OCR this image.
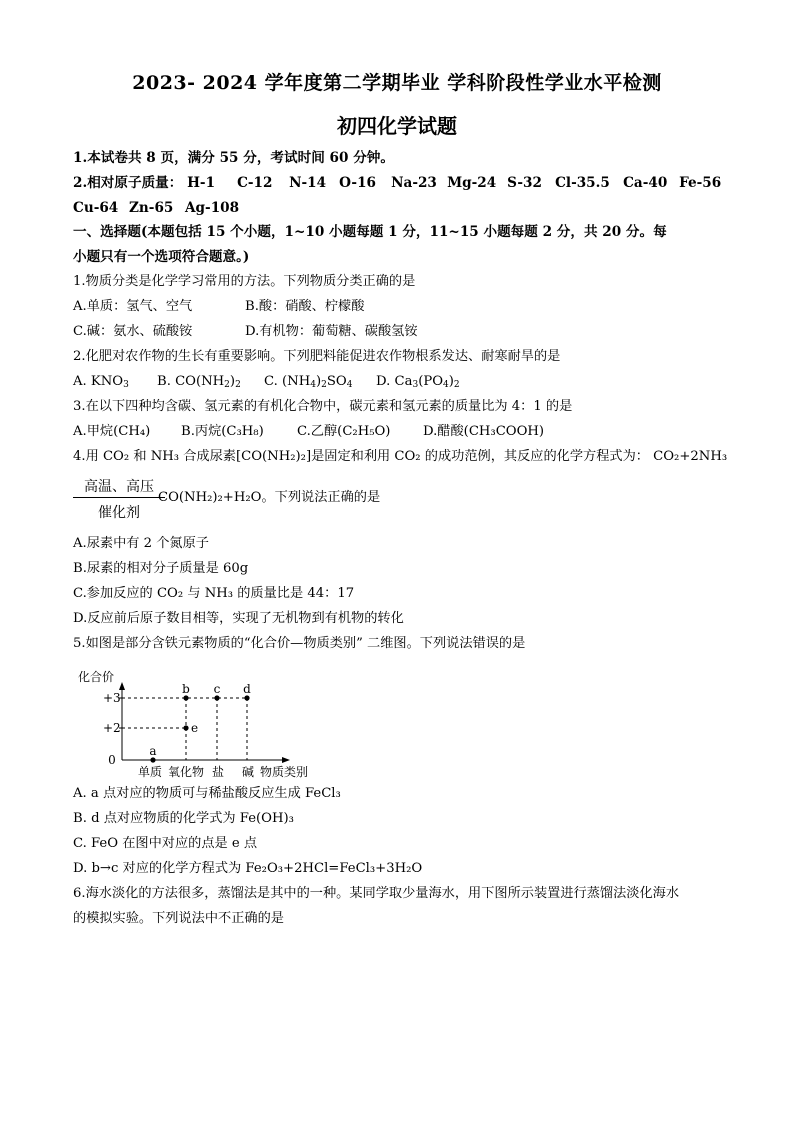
2023- 2024 学年度第二学期毕业 学科阶段性学业水平检测
初四化学试题
1.本试卷共 8 页，满分 55 分，考试时间 60 分钟。
2.相对原子质量： H-1 C-12 N-14 O-16 Na-23 Mg-24 S-32 Cl-35.5 Ca-40 Fe-56
Cu-64 Zn-65 Ag-108
一、选择题(本题包括 15 个小题，1~10 小题每题 1 分，11~15 小题每题 2 分，共 20 分。每
小题只有一个选项符合题意。)
1.物质分类是化学学习常用的方法。下列物质分类正确的是
A.单质：氢气、空气	B.酸：硝酸、柠檬酸
C.碱：氨水、硫酸铵	D.有机物：葡萄糖、碳酸氢铵
2.化肥对农作物的生长有重要影响。下列肥料能促进农作物根系发达、耐寒耐旱的是
A. $KNO_3$ B. $CO(NH_2)_2$ C. $(NH_4)_2SO_4$ D. $Ca_3(PO_4)_2$
3.在以下四种均含碳、氢元素的有机化合物中，碳元素和氢元素的质量比为 4：1 的是
A.甲烷(CH₄) B.丙烷(C₃H₈)	C.乙醇(C₂H₅O) D.醋酸(CH₃COOH)
4.用 CO₂ 和 NH₃ 合成尿素[CO(NH₂)₂]是固定和利用 CO₂ 的成功范例，其反应的化学方程式为： CO₂+2NH₃
高温、高压
催化剂
CO(NH₂)₂+H₂O。下列说法正确的是
A.尿素中有 2 个氮原子
B.尿素的相对分子质量是 60g
C.参加反应的 CO₂ 与 NH₃ 的质量比是 44：17
D.反应前后原子数目相等，实现了无机物到有机物的转化
5.如图是部分含铁元素物质的“化合价—物质类别” 二维图。下列说法错误的是
化合价
物质类别
+3
+2
0
单质 氧化物 盐 碱
a
b c d
e
A. a 点对应的物质可与稀盐酸反应生成 FeCl₃
B. d 点对应物质的化学式为 Fe(OH)₃
C. FeO 在图中对应的点是 e 点
D. b→c 对应的化学方程式为 Fe₂O₃+2HCl=FeCl₃+3H₂O
6.海水淡化的方法很多，蒸馏法是其中的一种。某同学取少量海水，用下图所示装置进行蒸馏法淡化海水
的模拟实验。下列说法中不正确的是
